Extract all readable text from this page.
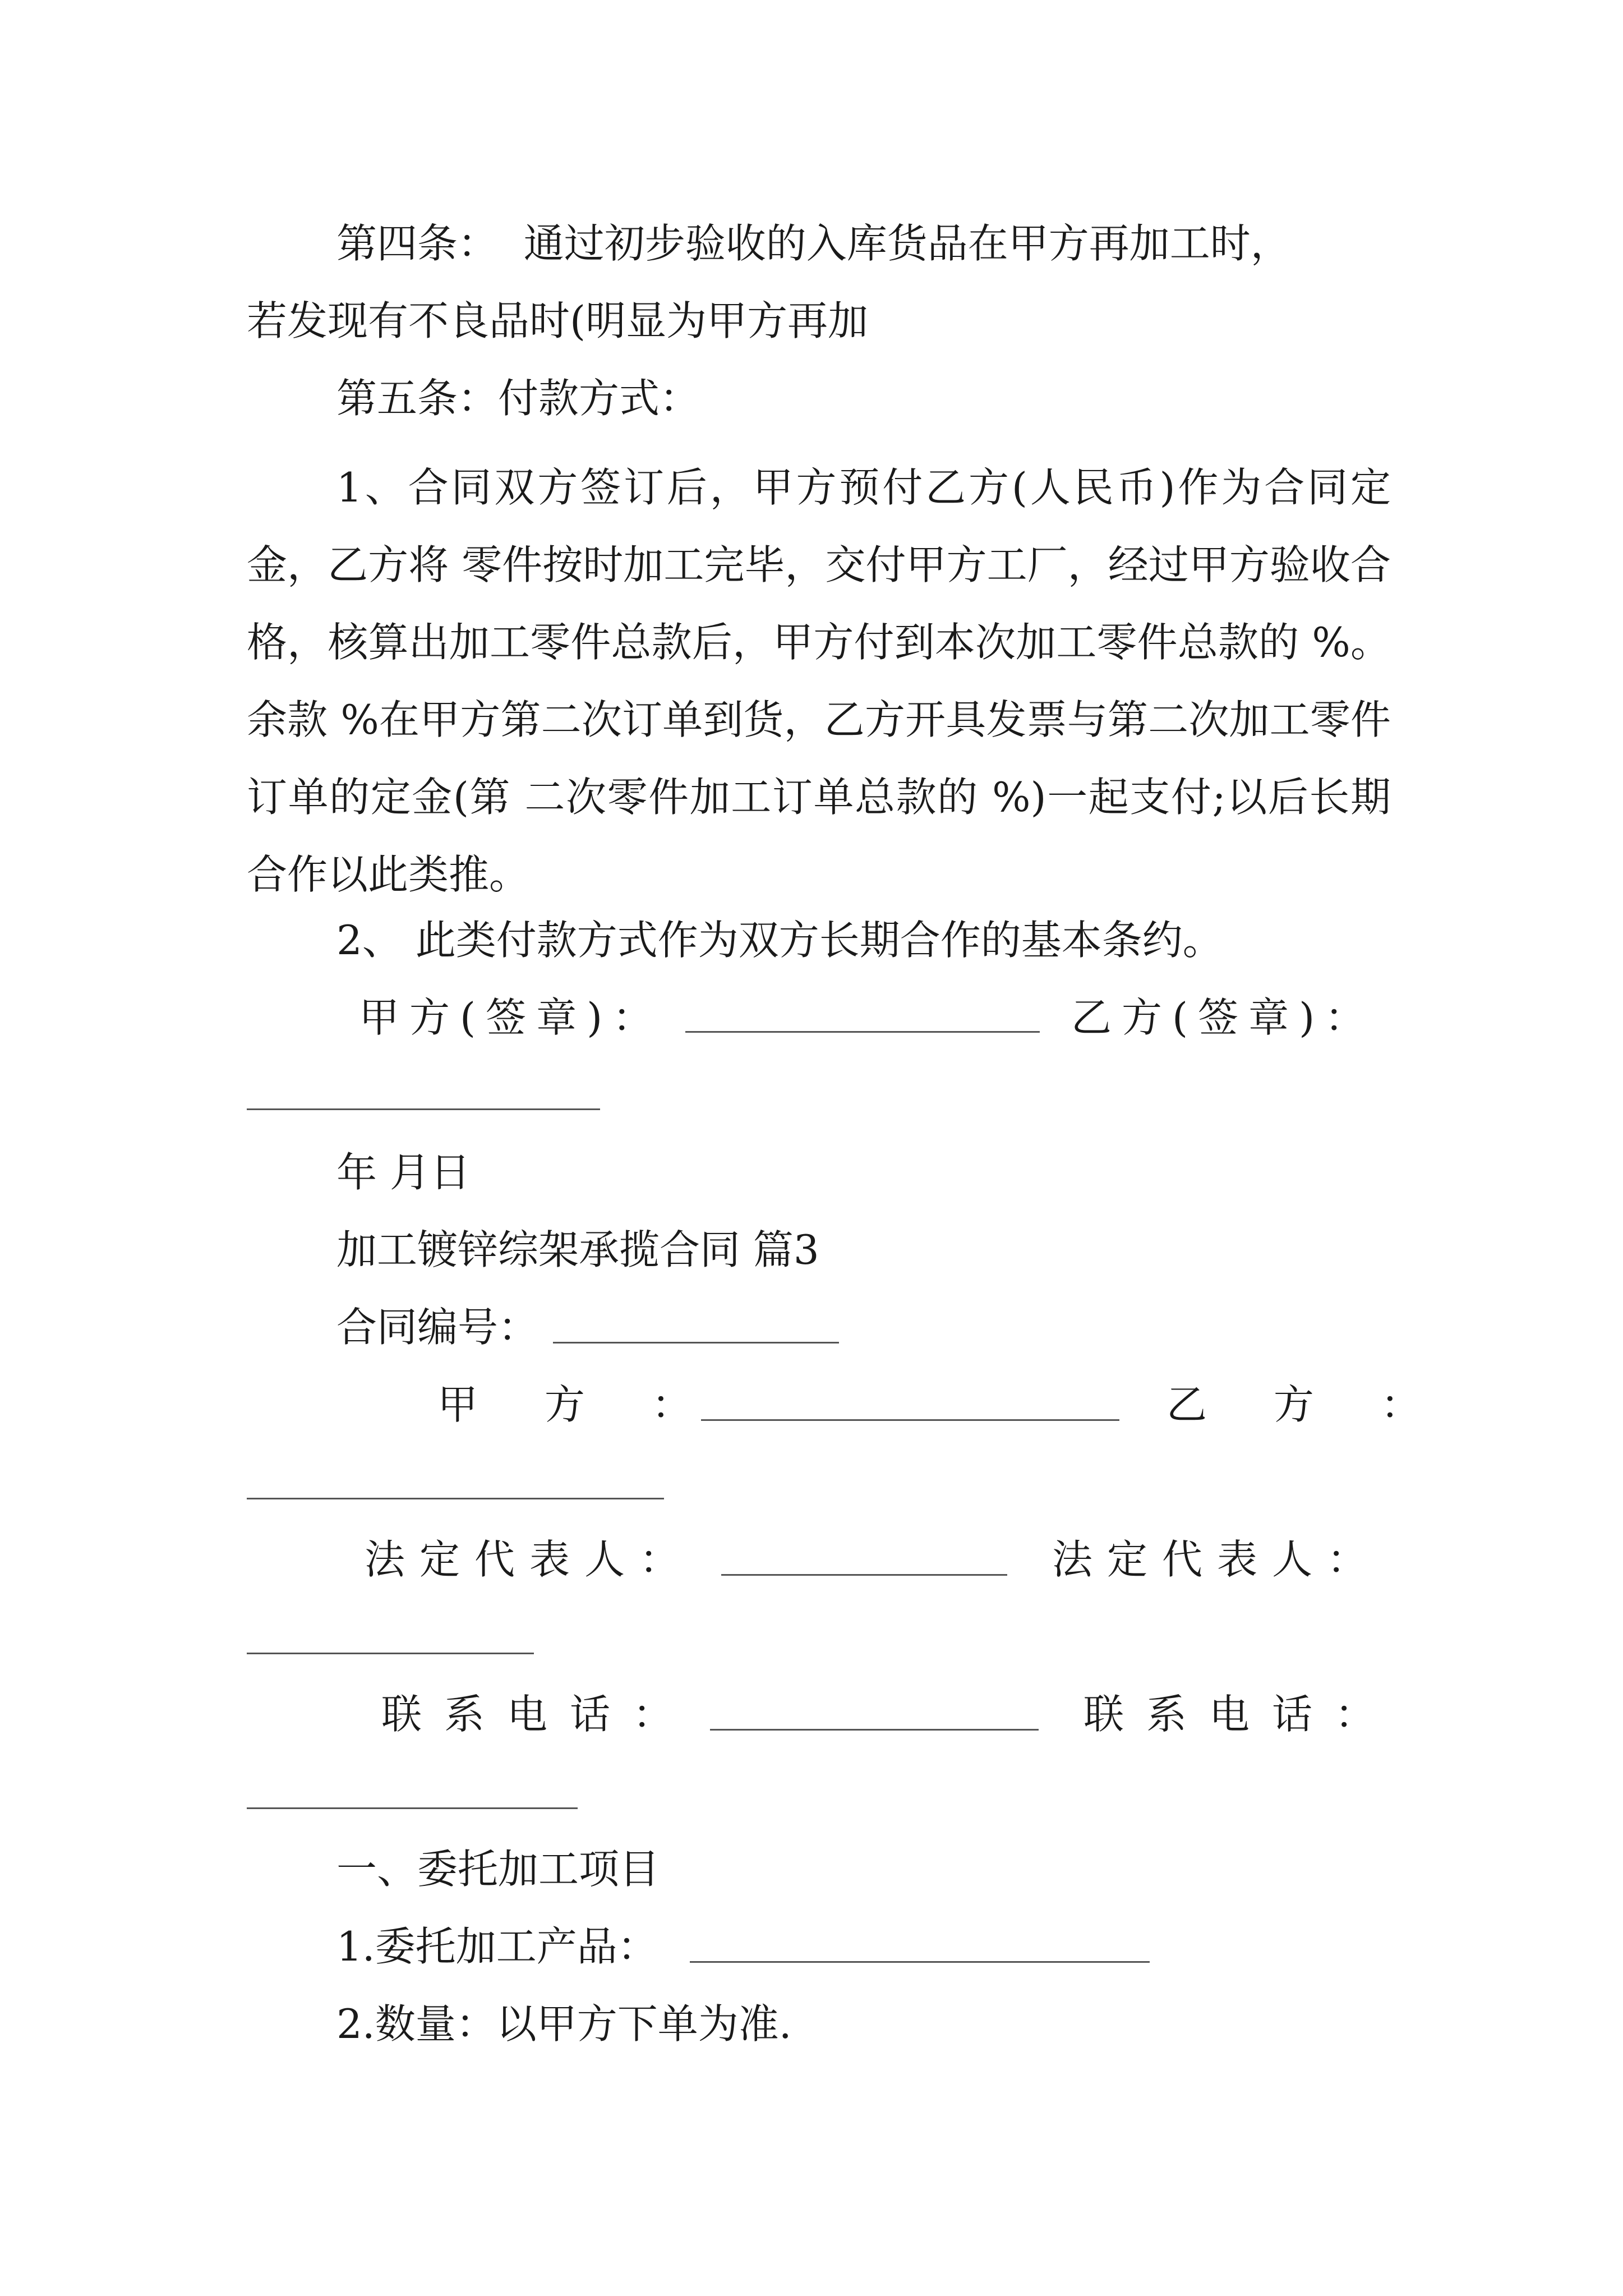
第四条：  通过初步验收的入库货品在甲方再加工时，
若发现有不良品时(明显为甲方再加
第五条：付款方式：

1、合同双方签订后，甲方预付乙方(人民币)作为合同定金，乙方将 零件按时加工完毕，交付甲方工厂，经过甲方验收合格，核算出加工零件总款后，甲方付到本次加工零件总款的 %。余款 %在甲方第二次订单到货，乙方开具发票与第二次加工零件订单的定金(第 二次零件加工订单总款的 %)一起支付;以后长期合作以此类推。

2、 此类付款方式作为双方长期合作的基本条约。
甲方(签章)：	乙方(签章)：
年 月日
加工镀锌综架承揽合同 篇3
合同编号：
甲 方 ：	乙 方 ：
法定代表人：	法定代表人：
联系电话：	联系电话：
一、委托加工项目
1.委托加工产品：
2.数量：以甲方下单为准.
